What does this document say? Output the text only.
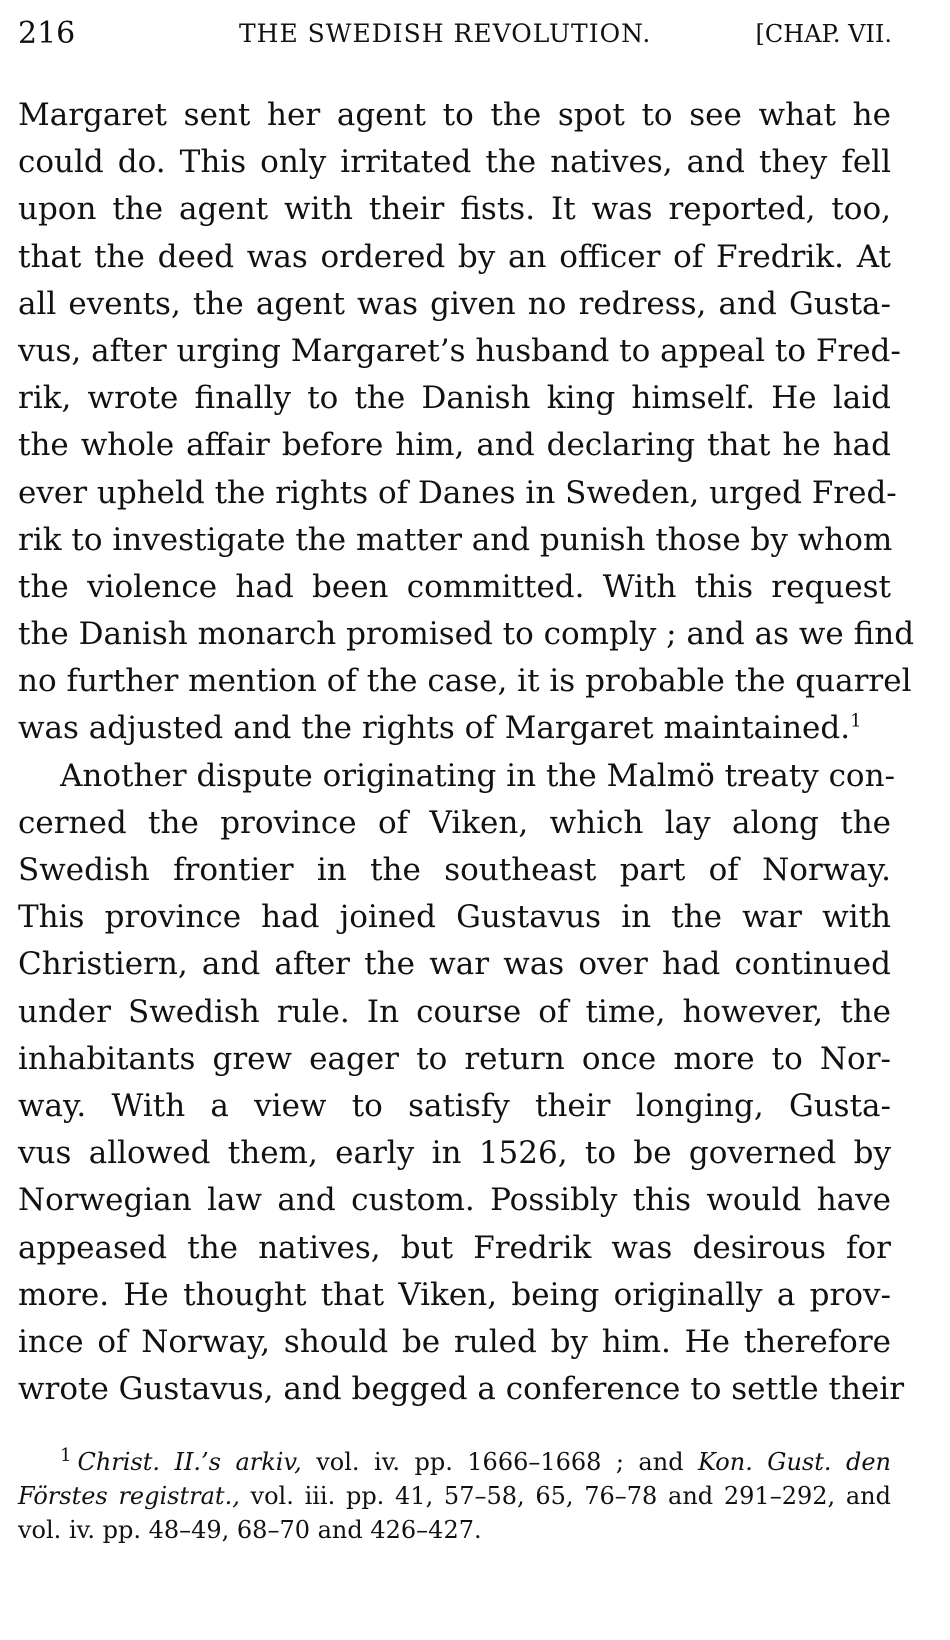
216	THE SWEDISH REVOLUTION.	[CHAP. VII.
Margaret sent her agent to the spot to see what he
could do. This only irritated the natives, and they fell
upon the agent with their fists. It was reported, too,
that the deed was ordered by an officer of Fredrik. At
all events, the agent was given no redress, and Gusta-
vus, after urging Margaret’s husband to appeal to Fred-
rik, wrote finally to the Danish king himself. He laid
the whole affair before him, and declaring that he had
ever upheld the rights of Danes in Sweden, urged Fred-
rik to investigate the matter and punish those by whom
the violence had been committed. With this request
the Danish monarch promised to comply ; and as we find
no further mention of the case, it is probable the quarrel
was adjusted and the rights of Margaret maintained.$^1$
Another dispute originating in the Malmö treaty con-
cerned the province of Viken, which lay along the
Swedish frontier in the southeast part of Norway.
This province had joined Gustavus in the war with
Christiern, and after the war was over had continued
under Swedish rule. In course of time, however, the
inhabitants grew eager to return once more to Nor-
way. With a view to satisfy their longing, Gusta-
vus allowed them, early in 1526, to be governed by
Norwegian law and custom. Possibly this would have
appeased the natives, but Fredrik was desirous for
more. He thought that Viken, being originally a prov-
ince of Norway, should be ruled by him. He therefore
wrote Gustavus, and begged a conference to settle their
$^1$ Christ. II.’s arkiv, vol. iv. pp. 1666–1668 ; and Kon. Gust. den
Förstes registrat., vol. iii. pp. 41, 57–58, 65, 76–78 and 291–292, and
vol. iv. pp. 48–49, 68–70 and 426–427.
